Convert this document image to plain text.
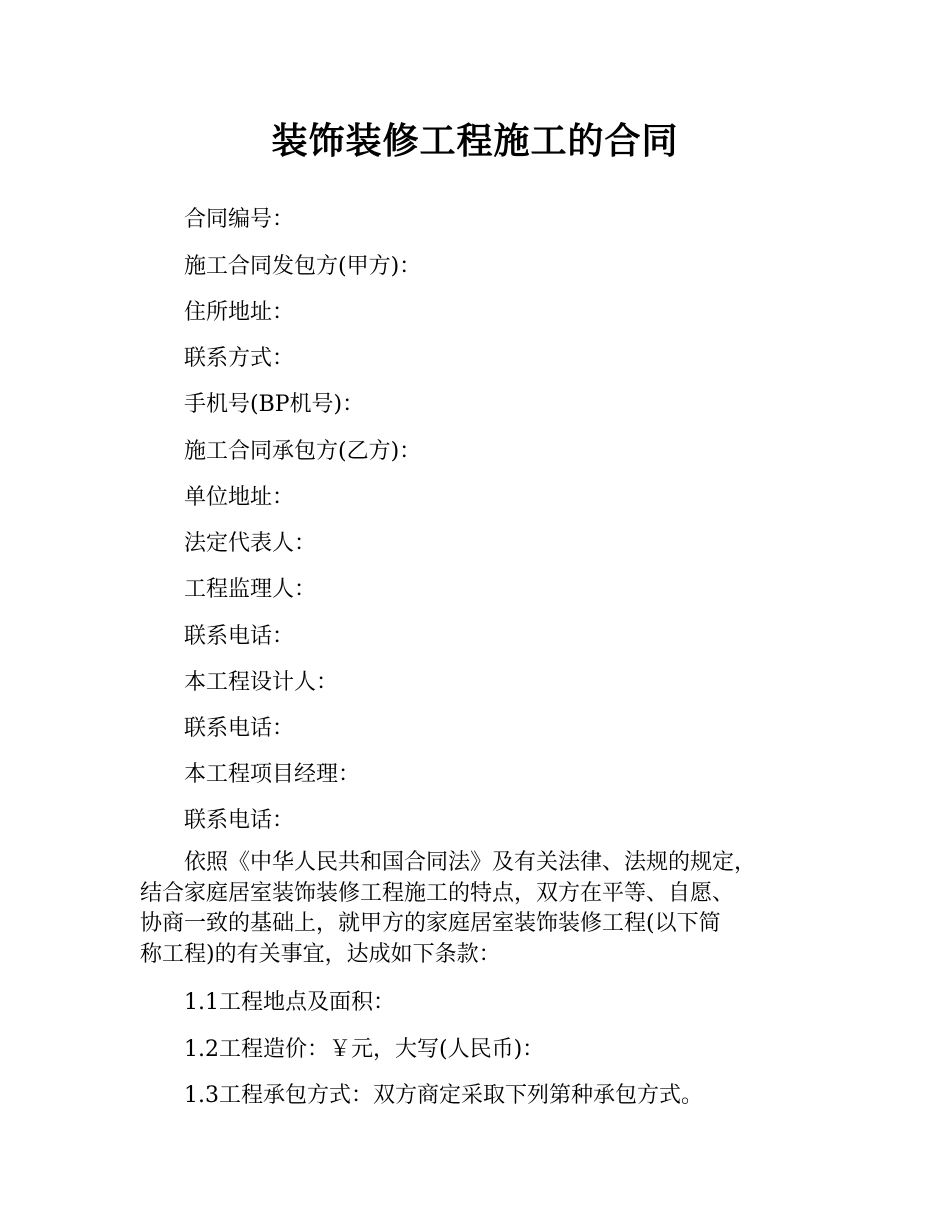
装饰装修工程施工的合同

合同编号：

施工合同发包方(甲方)：

住所地址：

联系方式：

手机号(BP机号)：

施工合同承包方(乙方)：

单位地址：

法定代表人：

工程监理人：

联系电话：

本工程设计人：

联系电话：

本工程项目经理：

联系电话：

依照《中华人民共和国合同法》及有关法律、法规的规定，
结合家庭居室装饰装修工程施工的特点，双方在平等、自愿、
协商一致的基础上，就甲方的家庭居室装饰装修工程(以下简
称工程)的有关事宜，达成如下条款：

1.1工程地点及面积：

1.2工程造价：￥元，大写(人民币)：

1.3工程承包方式：双方商定采取下列第种承包方式。
